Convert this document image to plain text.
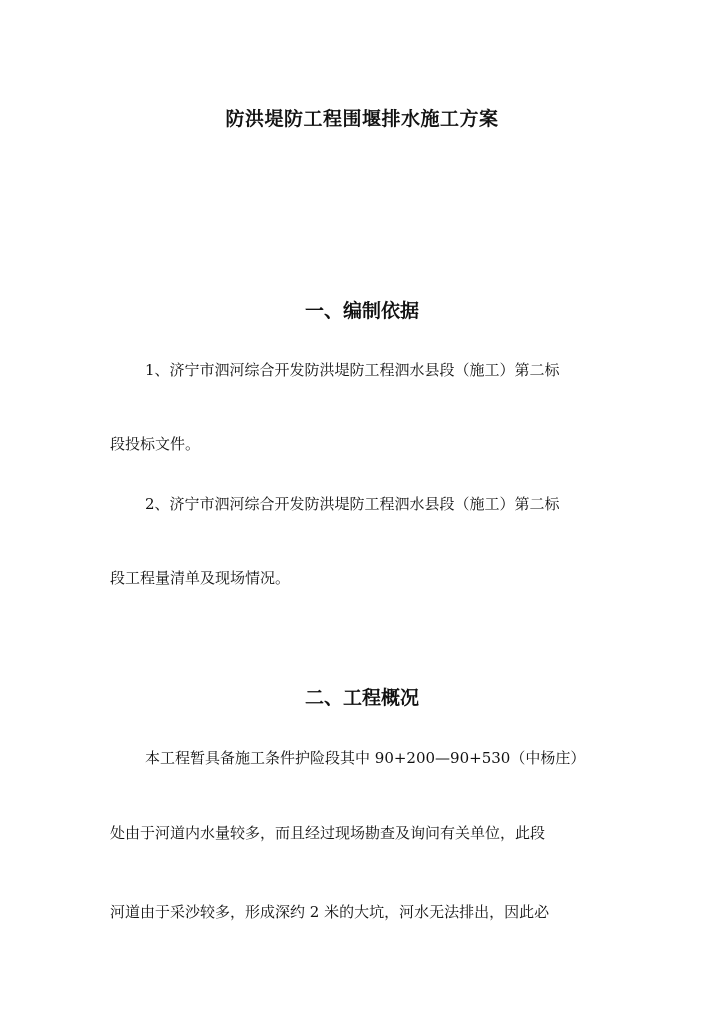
防洪堤防工程围堰排水施工方案
一、编制依据

1、济宁市泗河综合开发防洪堤防工程泗水县段（施工）第二标

段投标文件。

2、济宁市泗河综合开发防洪堤防工程泗水县段（施工）第二标

段工程量清单及现场情况。

二、工程概况

本工程暂具备施工条件护险段其中 90+200—90+530（中杨庄）

处由于河道内水量较多，而且经过现场勘查及询问有关单位，此段

河道由于采沙较多，形成深约 2 米的大坑，河水无法排出，因此必
